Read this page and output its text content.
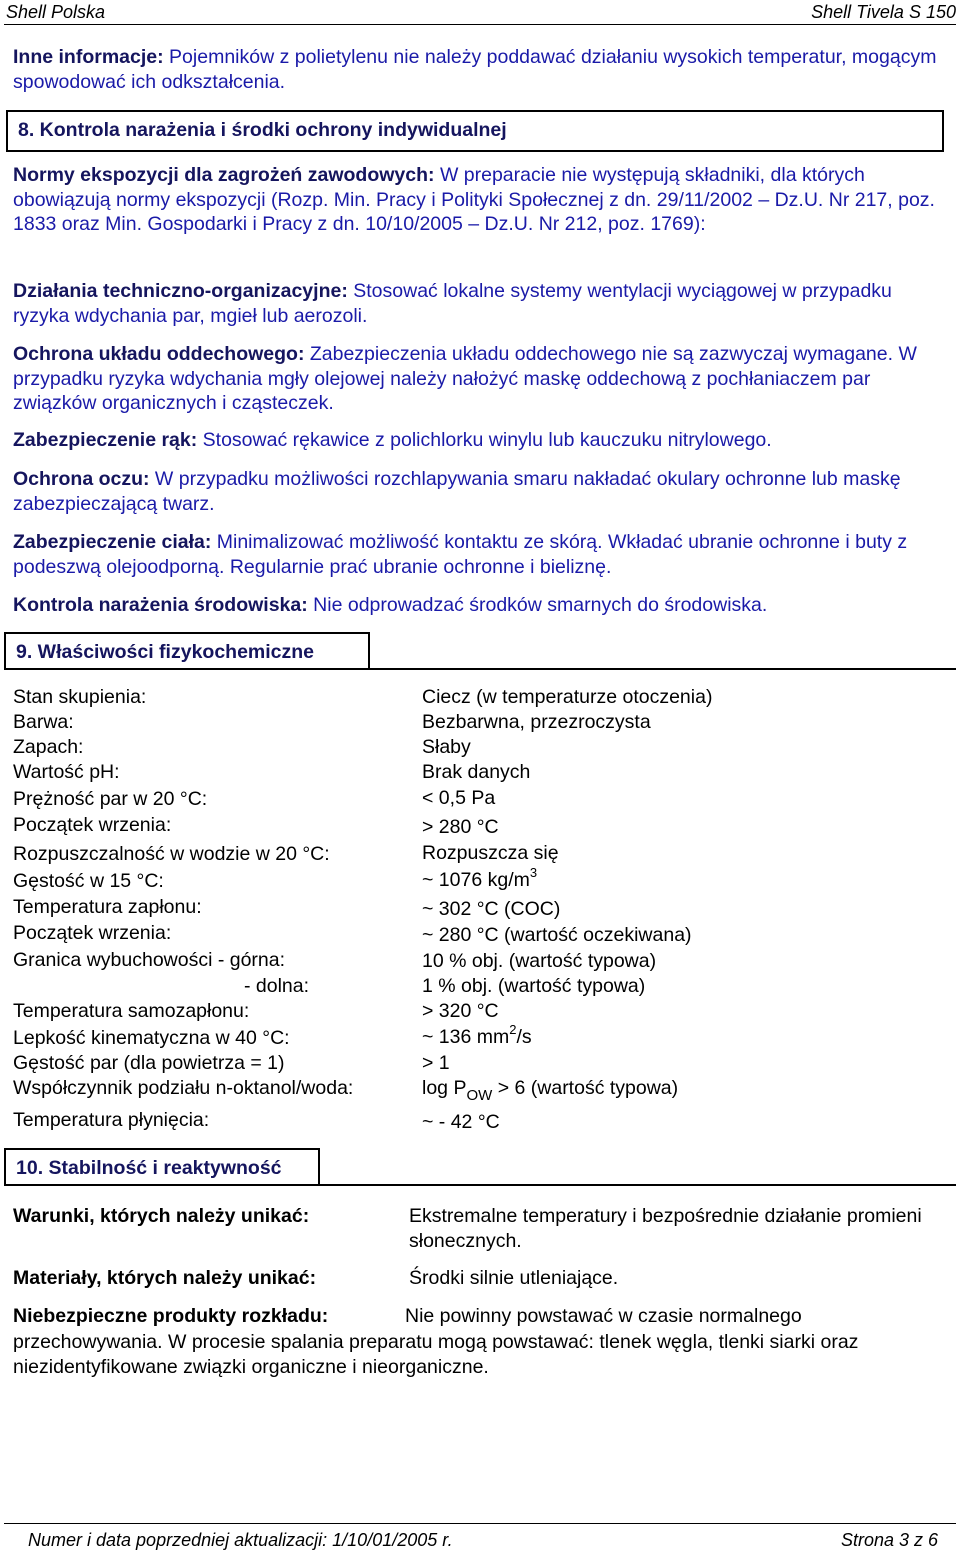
Shell Polska	Shell Tivela S 150
Inne informacje: Pojemników z polietylenu nie należy poddawać działaniu wysokich temperatur, mogącym spowodować ich odkształcenia.
8. Kontrola narażenia i środki ochrony indywidualnej
Normy ekspozycji dla zagrożeń zawodowych: W preparacie nie występują składniki, dla których obowiązują normy ekspozycji (Rozp. Min. Pracy i Polityki Społecznej z dn. 29/11/2002 – Dz.U. Nr 217, poz. 1833 oraz Min. Gospodarki i Pracy z dn. 10/10/2005 – Dz.U. Nr 212, poz. 1769):
Działania techniczno-organizacyjne: Stosować lokalne systemy wentylacji wyciągowej w przypadku ryzyka wdychania par, mgieł lub aerozoli.
Ochrona układu oddechowego: Zabezpieczenia układu oddechowego nie są zazwyczaj wymagane. W przypadku ryzyka wdychania mgły olejowej należy nałożyć maskę oddechową z pochłaniaczem par związków organicznych i cząsteczek.
Zabezpieczenie rąk: Stosować rękawice z polichlorku winylu lub kauczuku nitrylowego.
Ochrona oczu: W przypadku możliwości rozchlapywania smaru nakładać okulary ochronne lub maskę zabezpieczającą twarz.
Zabezpieczenie ciała: Minimalizować możliwość kontaktu ze skórą. Wkładać ubranie ochronne i buty z podeszwą olejoodporną. Regularnie prać ubranie ochronne i bieliznę.
Kontrola narażenia środowiska: Nie odprowadzać środków smarnych do środowiska.
9. Właściwości fizykochemiczne
Stan skupienia:	Ciecz (w temperaturze otoczenia)
Barwa:	Bezbarwna, przezroczysta
Zapach:	Słaby
Wartość pH:	Brak danych
Prężność par w 20 °C:	< 0,5 Pa
Początek wrzenia:	> 280 °C
Rozpuszczalność w wodzie w 20 °C:	Rozpuszcza się
Gęstość w 15 °C:	~ 1076 $kg/m^3$
Temperatura zapłonu:	~ 302 °C (COC)
Początek wrzenia:	~ 280 °C (wartość oczekiwana)
Granica wybuchowości - górna:	10 % obj. (wartość typowa)
- dolna:	1 % obj. (wartość typowa)
Temperatura samozapłonu:	> 320 °C
Lepkość kinematyczna w 40 °C:	~ 136 $mm^2/s$
Gęstość par (dla powietrza = 1)	> 1
Współczynnik podziału n-oktanol/woda:	$\log P_{OW} > 6$ (wartość typowa)
Temperatura płynięcia:	~ - 42 °C
10. Stabilność i reaktywność
Warunki, których należy unikać:	Ekstremalne temperatury i bezpośrednie działanie promieni słonecznych.
Materiały, których należy unikać:	Środki silnie utleniające.
Niebezpieczne produkty rozkładu:	Nie powinny powstawać w czasie normalnego
przechowywania. W procesie spalania preparatu mogą powstawać: tlenek węgla, tlenki siarki oraz niezidentyfikowane związki organiczne i nieorganiczne.
Numer i data poprzedniej aktualizacji: 1/10/01/2005 r.	Strona 3 z 6
